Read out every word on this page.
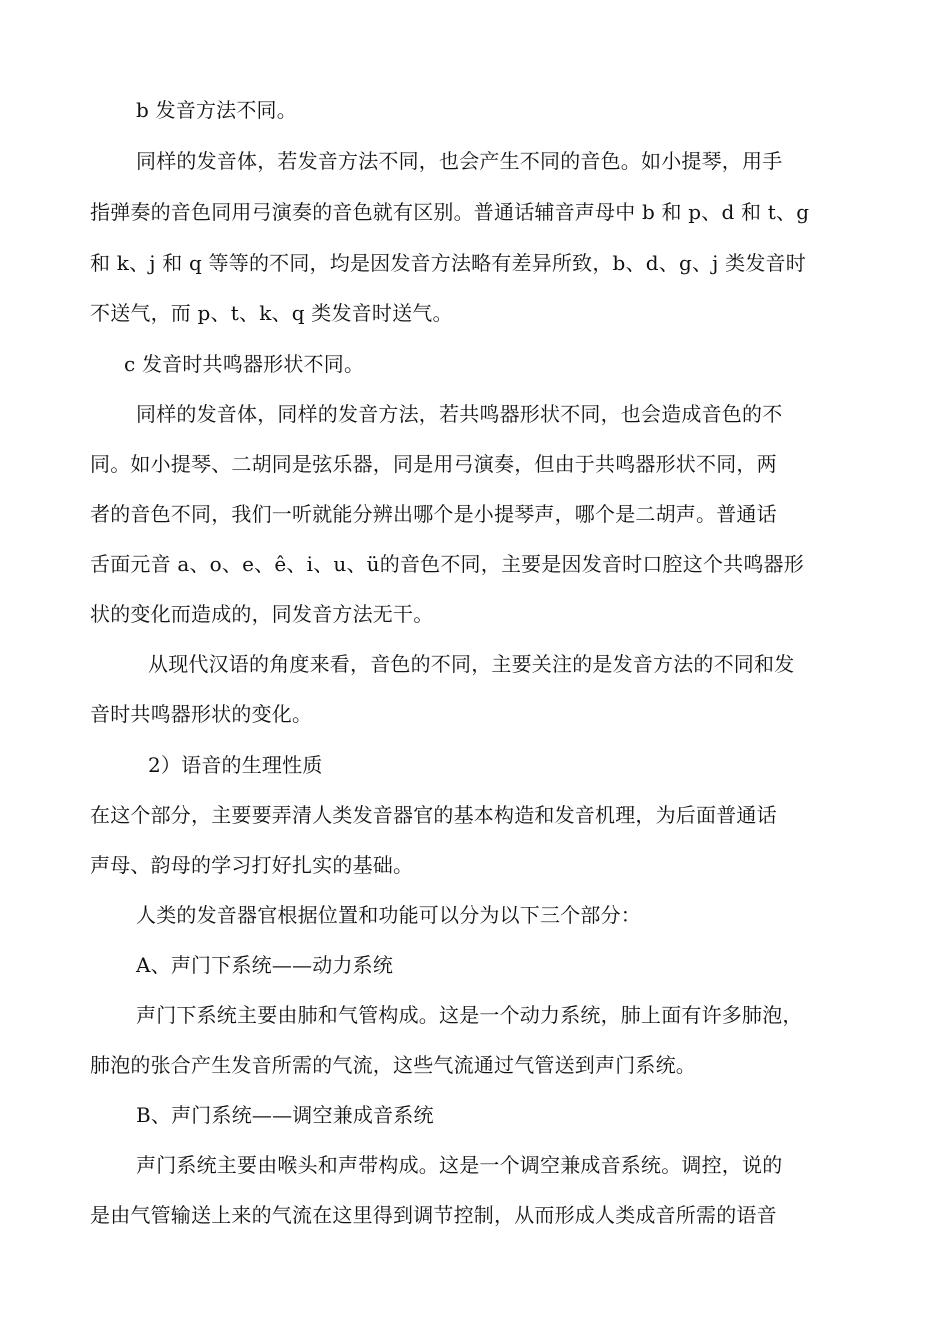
b 发音方法不同。
同样的发音体，若发音方法不同，也会产生不同的音色。如小提琴，用手
指弹奏的音色同用弓演奏的音色就有区别。普通话辅音声母中 b 和 p、d 和 t、g
和 k、j 和 q 等等的不同，均是因发音方法略有差异所致，b、d、g、j 类发音时
不送气，而 p、t、k、q 类发音时送气。
c 发音时共鸣器形状不同。
同样的发音体，同样的发音方法，若共鸣器形状不同，也会造成音色的不
同。如小提琴、二胡同是弦乐器，同是用弓演奏，但由于共鸣器形状不同，两
者的音色不同，我们一听就能分辨出哪个是小提琴声，哪个是二胡声。普通话
舌面元音 a、o、e、ê、i、u、ü的音色不同，主要是因发音时口腔这个共鸣器形
状的变化而造成的，同发音方法无干。
从现代汉语的角度来看，音色的不同，主要关注的是发音方法的不同和发
音时共鸣器形状的变化。
2）语音的生理性质
在这个部分，主要要弄清人类发音器官的基本构造和发音机理，为后面普通话
声母、韵母的学习打好扎实的基础。
人类的发音器官根据位置和功能可以分为以下三个部分：
A、声门下系统——动力系统
声门下系统主要由肺和气管构成。这是一个动力系统，肺上面有许多肺泡，
肺泡的张合产生发音所需的气流，这些气流通过气管送到声门系统。
B、声门系统——调空兼成音系统
声门系统主要由喉头和声带构成。这是一个调空兼成音系统。调控，说的
是由气管输送上来的气流在这里得到调节控制，从而形成人类成音所需的语音
